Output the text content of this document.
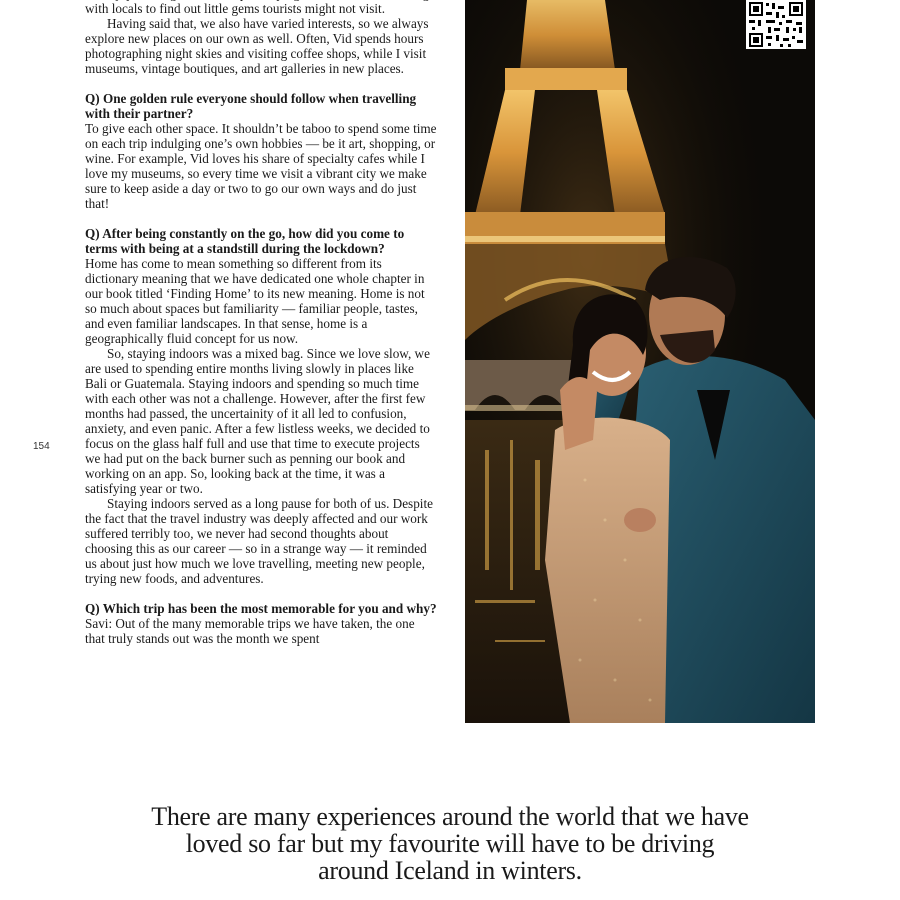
with locals to find out little gems tourists might not visit.

Having said that, we also have varied interests, so we always explore new places on our own as well. Often, Vid spends hours photographing night skies and visiting coffee shops, while I visit museums, vintage boutiques, and art galleries in new places.

Q) One golden rule everyone should follow when travelling with their partner?

To give each other space. It shouldn’t be taboo to spend some time on each trip indulging one’s own hobbies — be it art, shopping, or wine. For example, Vid loves his share of specialty cafes while I love my museums, so every time we visit a vibrant city we make sure to keep aside a day or two to go our own ways and do just that!

Q) After being constantly on the go, how did you come to terms with being at a standstill during the lockdown?

Home has come to mean something so different from its dictionary meaning that we have dedicated one whole chapter in our book titled ‘Finding Home’ to its new meaning. Home is not so much about spaces but familiarity — familiar people, tastes, and even familiar landscapes. In that sense, home is a geographically fluid concept for us now.

So, staying indoors was a mixed bag. Since we love slow, we are used to spending entire months living slowly in places like Bali or Guatemala. Staying indoors and spending so much time with each other was not a challenge. However, after the first few months had passed, the uncertainity of it all led to confusion, anxiety, and even panic. After a few listless weeks, we decided to focus on the glass half full and use that time to execute projects we had put on the back burner such as penning our book and working on an app. So, looking back at the time, it was a satisfying year or two.

Staying indoors served as a long pause for both of us. Despite the fact that the travel industry was deeply affected and our work suffered terribly too, we never had second thoughts about choosing this as our career — so in a strange way — it reminded us about just how much we love travelling, meeting new people, trying new foods, and adventures.

Q) Which trip has been the most memorable for you and why?

Savi: Out of the many memorable trips we have taken, the one that truly stands out was the month we spent

154
There are many experiences around the world that we have loved so far but my favourite will have to be driving around Iceland in winters.
